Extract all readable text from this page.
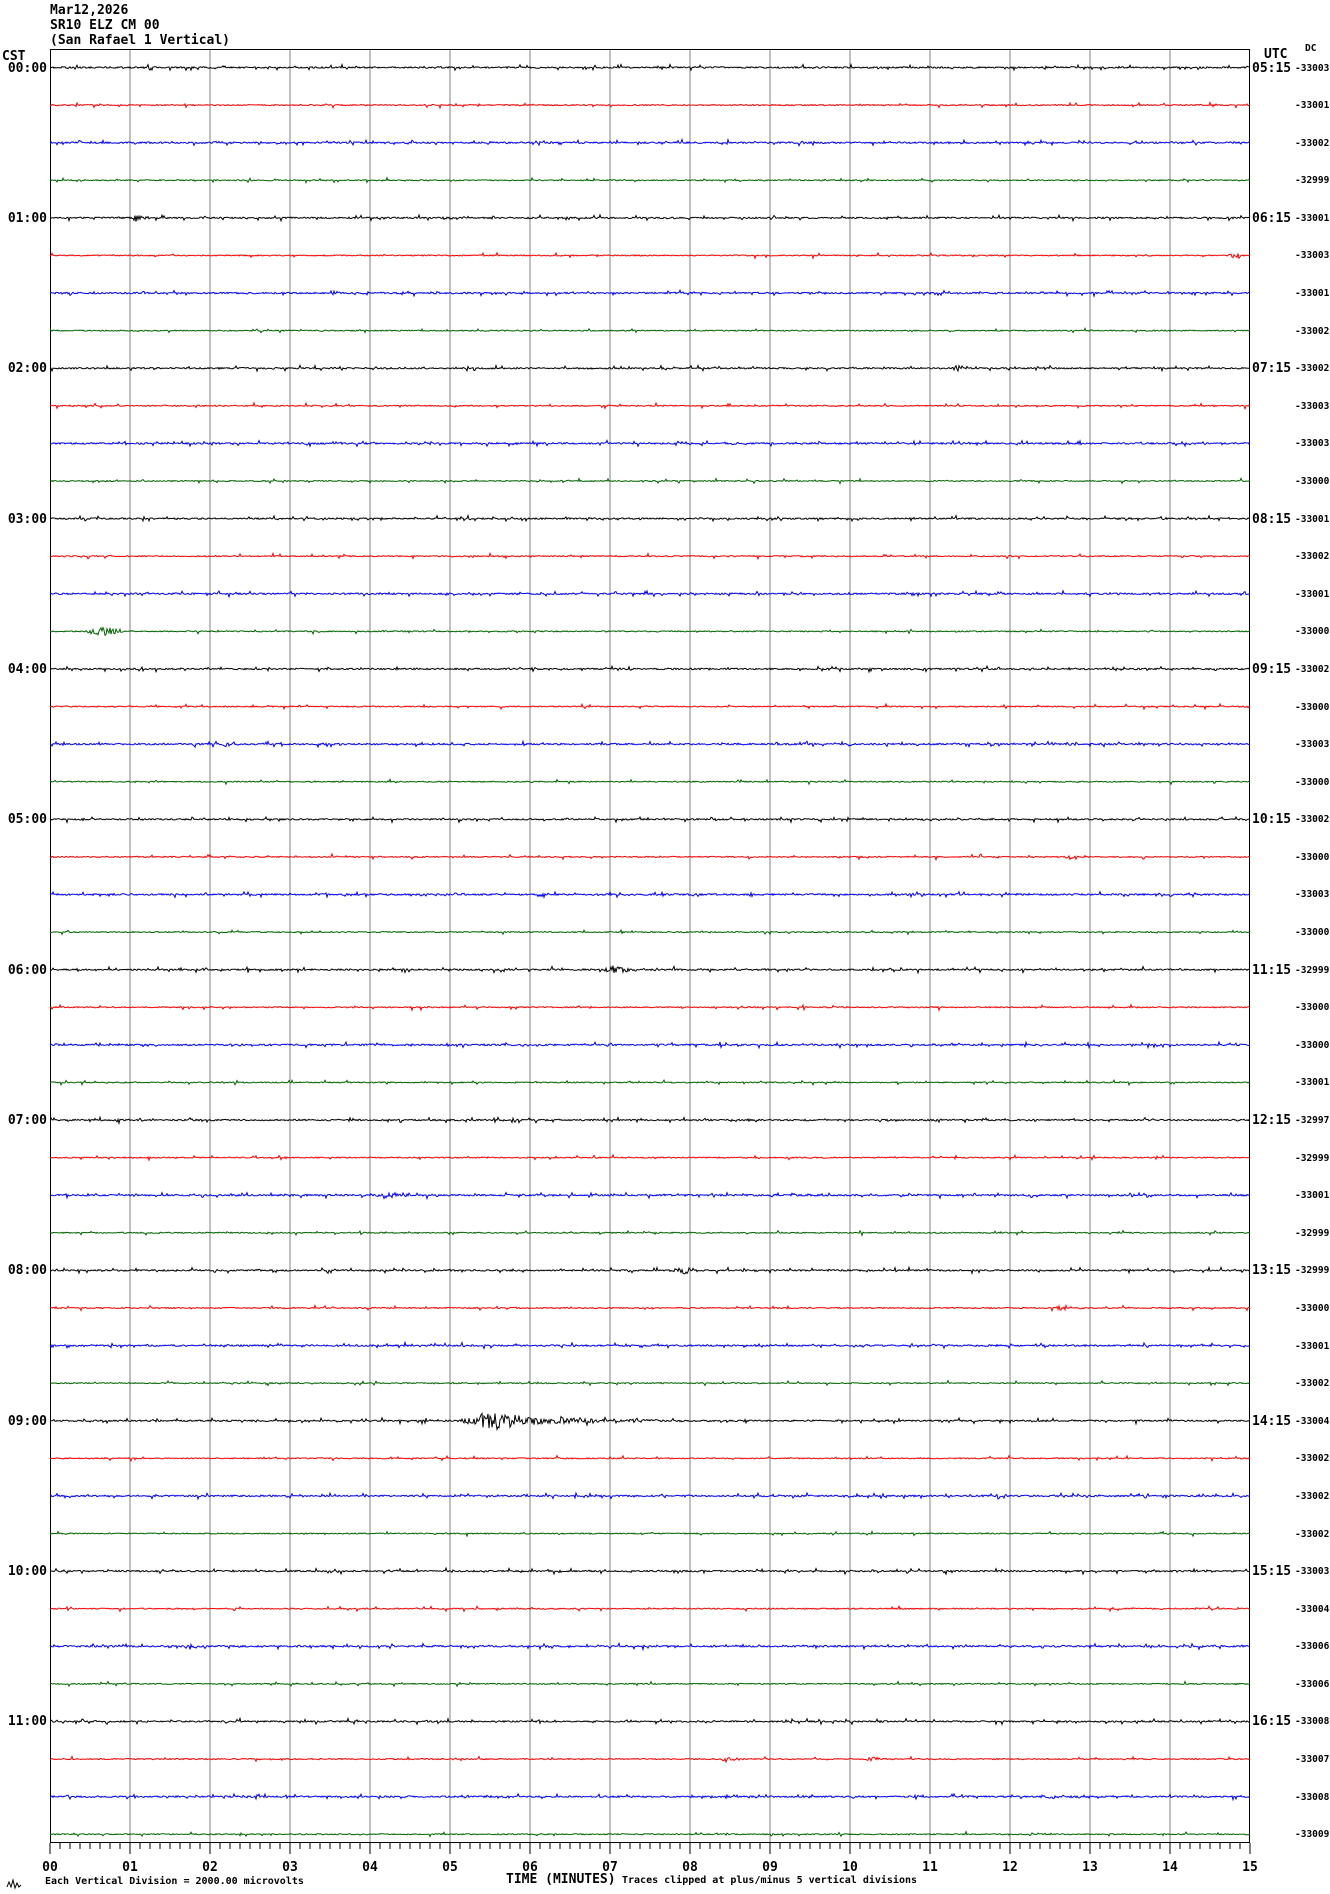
Mar12,2026
SR10 ELZ CM 00
(San Rafael 1 Vertical)
CST	UTC DC
00:00
01:00
02:00
03:00
04:00
05:00
06:00
07:00
08:00
09:00
10:00
11:00
05:15
06:15
07:15
08:15
09:15
10:15
11:15
12:15
13:15
14:15
15:15
16:15
-33003
-33001
-33002
-32999
-33001
-33003
-33001
-33002
-33002
-33003
-33003
-33000
-33001
-33002
-33001
-33000
-33002
-33000
-33003
-33000
-33002
-33000
-33003
-33000
-32999
-33000
-33000
-33001
-32997
-32999
-33001
-32999
-32999
-33000
-33001
-33002
-33004
-33002
-33002
-33002
-33003
-33004
-33006
-33006
-33008
-33007
-33008
-33009
00	01	02	03	04	05	06	07	08	09	10	11	12	13	14	15
Each Vertical Division = 2000.00 microvolts	TIME (MINUTES) Traces clipped at plus/minus 5 vertical divisions
